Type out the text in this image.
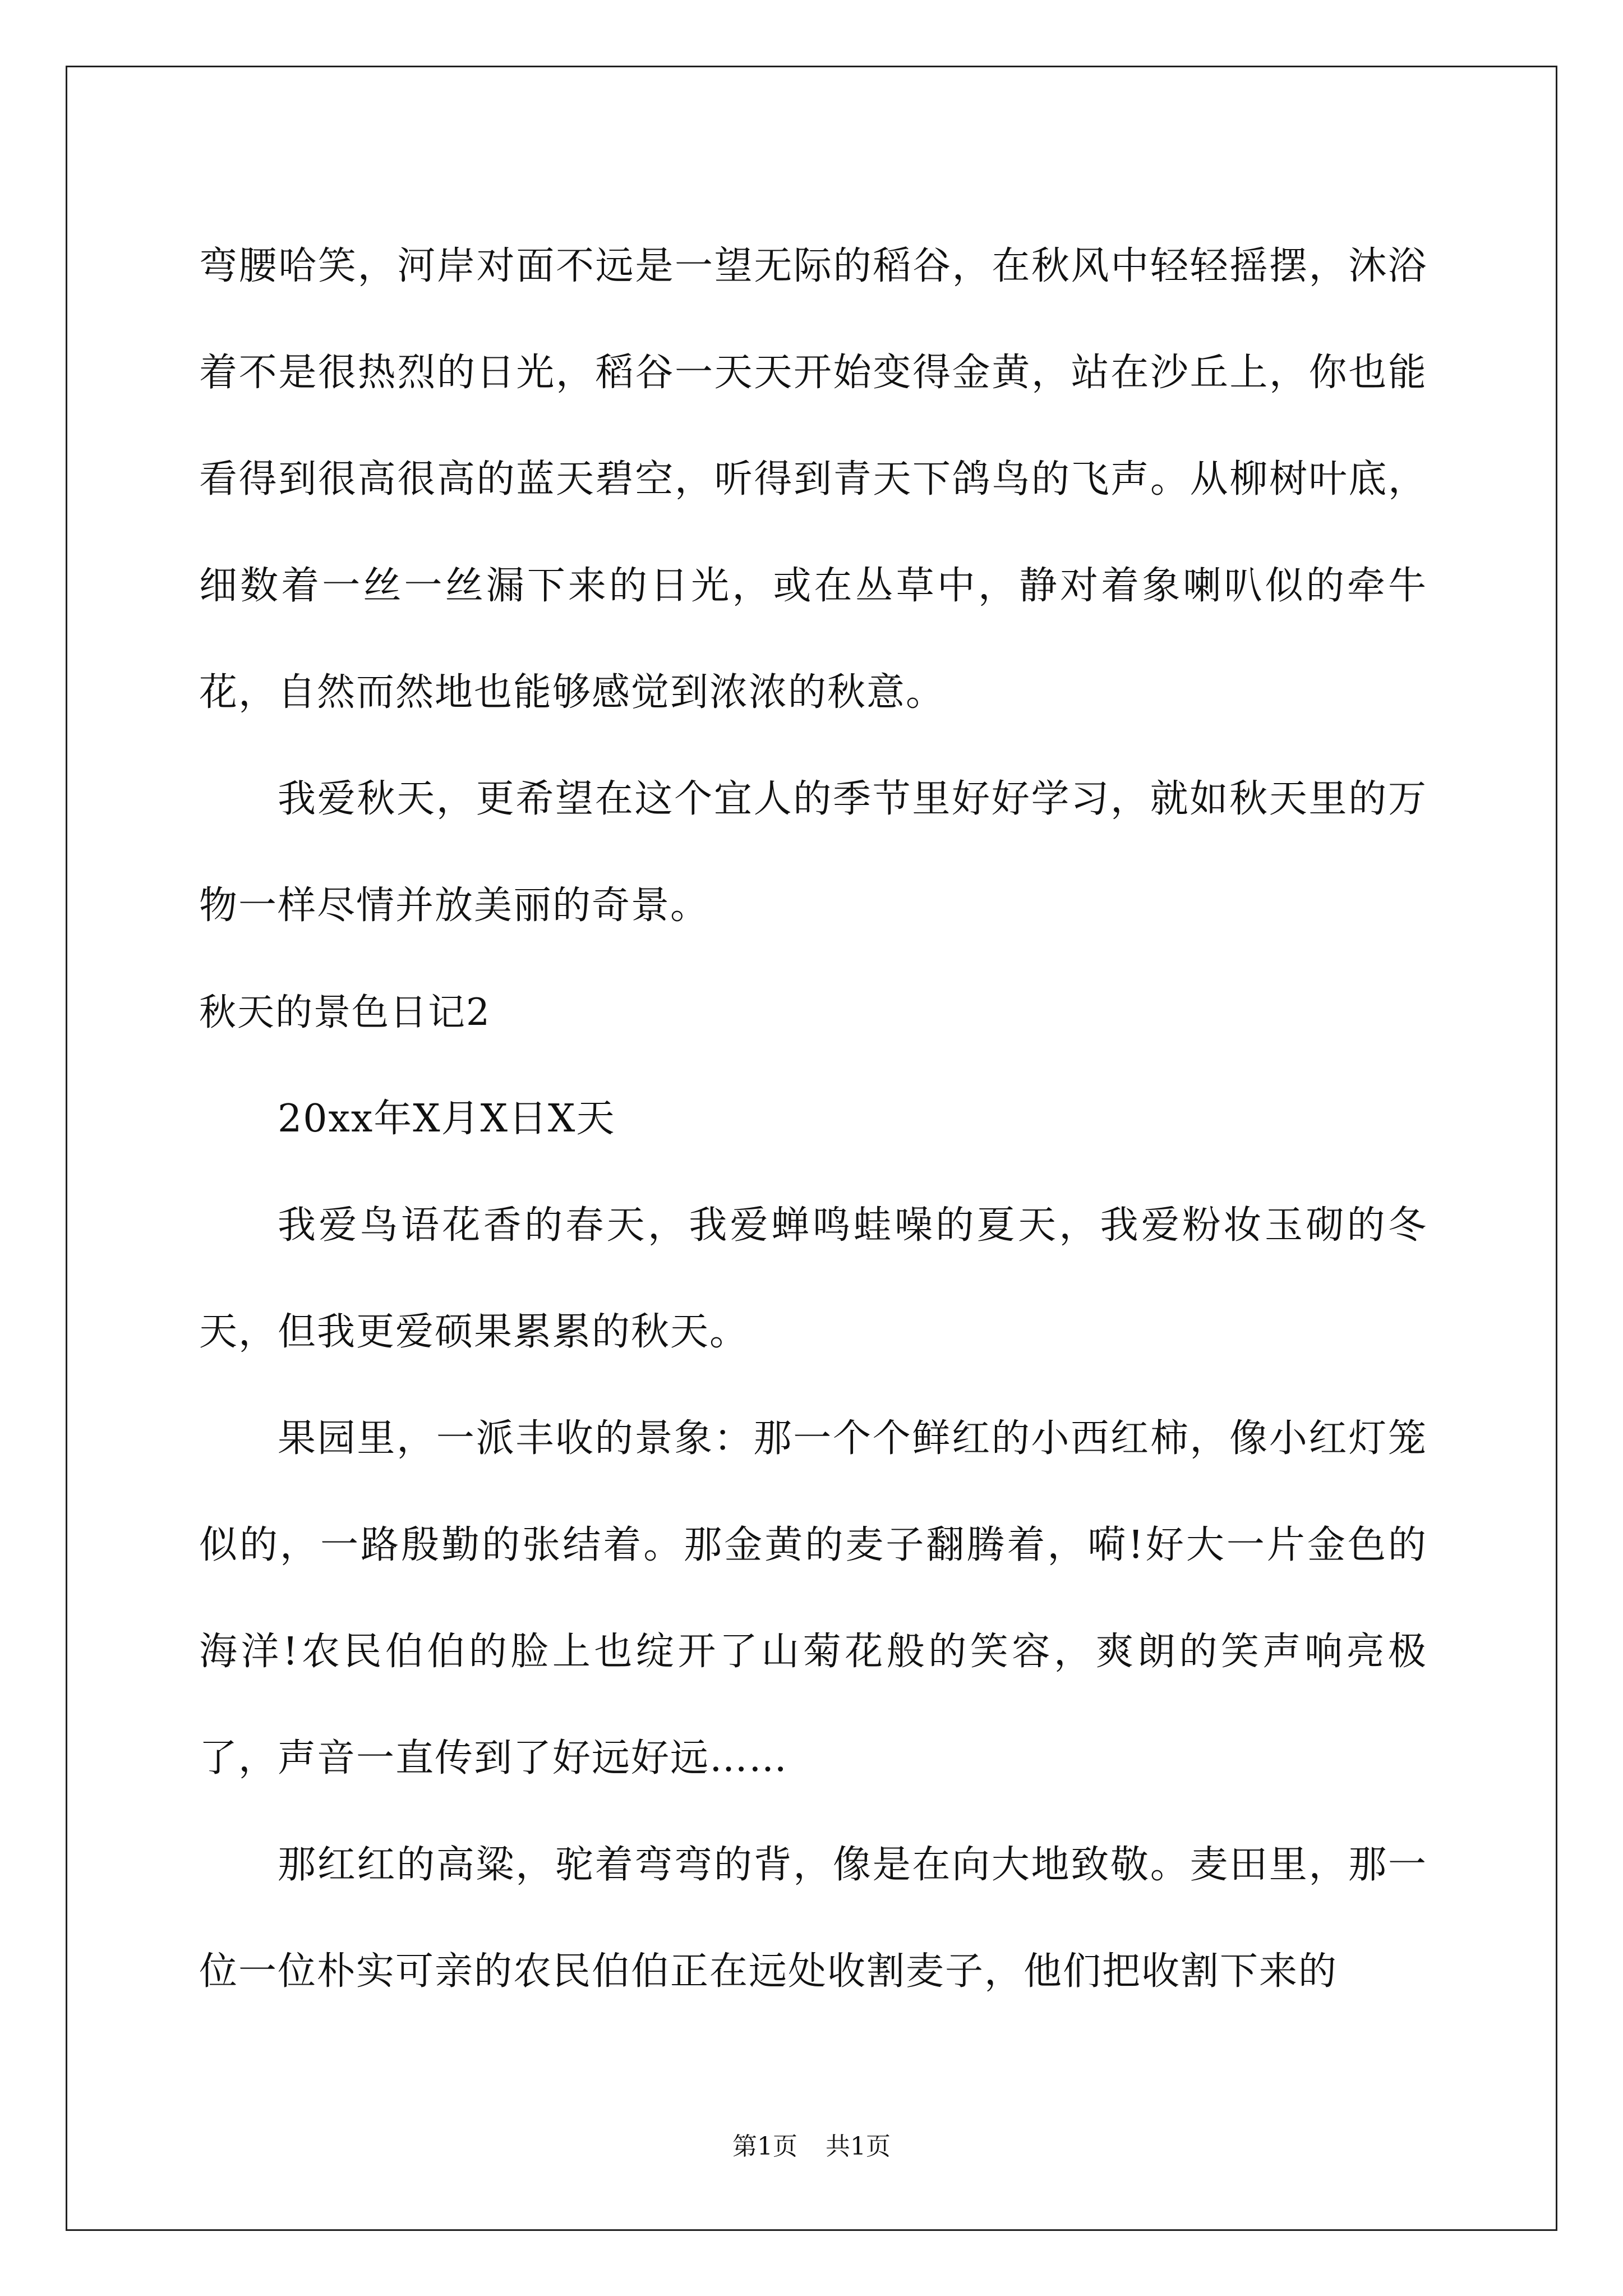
弯腰哈笑，河岸对面不远是一望无际的稻谷，在秋风中轻轻摇摆，沐浴着不是很热烈的日光，稻谷一天天开始变得金黄，站在沙丘上，你也能看得到很高很高的蓝天碧空，听得到青天下鸽鸟的飞声。从柳树叶底，细数着一丝一丝漏下来的日光，或在丛草中，静对着象喇叭似的牵牛花，自然而然地也能够感觉到浓浓的秋意。

我爱秋天，更希望在这个宜人的季节里好好学习，就如秋天里的万物一样尽情并放美丽的奇景。

秋天的景色日记2

20xx年X月X日X天

我爱鸟语花香的春天，我爱蝉鸣蛙噪的夏天，我爱粉妆玉砌的冬天，但我更爱硕果累累的秋天。

果园里，一派丰收的景象：那一个个鲜红的小西红柿，像小红灯笼似的，一路殷勤的张结着。那金黄的麦子翻腾着，嗬!好大一片金色的海洋!农民伯伯的脸上也绽开了山菊花般的笑容，爽朗的笑声响亮极了，声音一直传到了好远好远……

那红红的高粱，驼着弯弯的背，像是在向大地致敬。麦田里，那一位一位朴实可亲的农民伯伯正在远处收割麦子，他们把收割下来的

第1页 共1页
